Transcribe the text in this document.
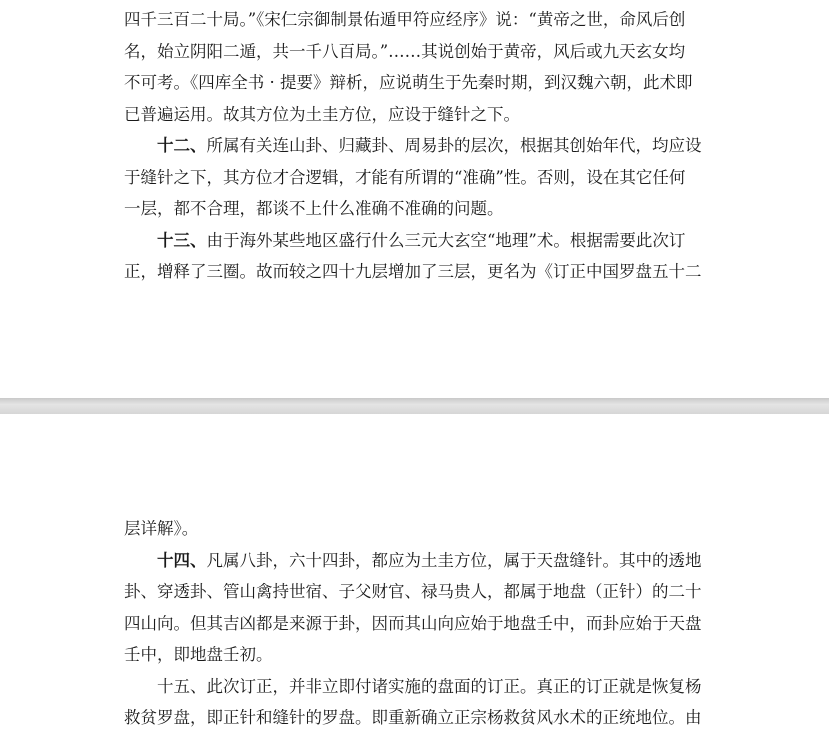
四千三百二十局。”《宋仁宗御制景佑遁甲符应经序》说：“黄帝之世，命风后创
名，始立阴阳二遁，共一千八百局。”……其说创始于黄帝，风后或九天玄女均
不可考。《四库全书 · 提要》辩析，应说萌生于先秦时期，到汉魏六朝，此术即
已普遍运用。故其方位为土圭方位，应设于缝针之下。

十二、所属有关连山卦、归藏卦、周易卦的层次，根据其创始年代，均应设
于缝针之下，其方位才合逻辑，才能有所谓的“准确”性。否则，设在其它任何
一层，都不合理，都谈不上什么准确不准确的问题。

十三、由于海外某些地区盛行什么三元大玄空“地理”术。根据需要此次订
正，增释了三圈。故而较之四十九层增加了三层，更名为《订正中国罗盘五十二

层详解》。

十四、凡属八卦，六十四卦，都应为土圭方位，属于天盘缝针。其中的透地
卦、穿透卦、管山禽持世宿、子父财官、禄马贵人，都属于地盘（正针）的二十
四山向。但其吉凶都是来源于卦，因而其山向应始于地盘壬中，而卦应始于天盘
壬中，即地盘壬初。

十五、此次订正，并非立即付诸实施的盘面的订正。真正的订正就是恢复杨
救贫罗盘，即正针和缝针的罗盘。即重新确立正宗杨救贫风水术的正统地位。由
